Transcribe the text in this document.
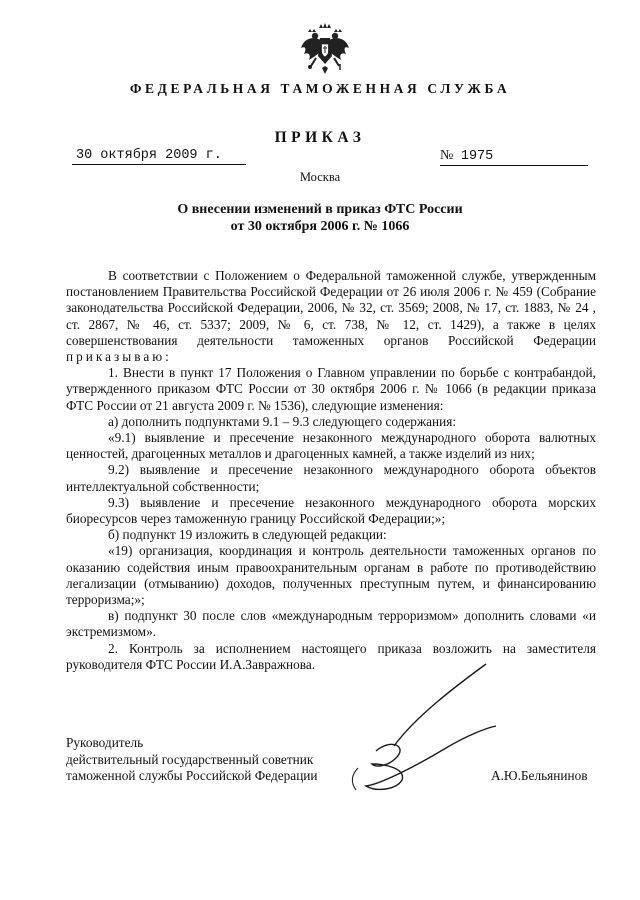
ФЕДЕРАЛЬНАЯ ТАМОЖЕННАЯ СЛУЖБА
ПРИКАЗ
30 октября 2009 г.	№ 1975
Москва
О внесении изменений в приказ ФТС России
от 30 октября 2006 г. № 1066

В соответствии с Положением о Федеральной таможенной службе, утвержденным постановлением Правительства Российской Федерации от 26 июля 2006 г. № 459 (Собрание законодательства Российской Федерации, 2006, № 32, ст. 3569; 2008, № 17, ст. 1883, № 24 , ст. 2867, № 46, ст. 5337; 2009, № 6, ст. 738, № 12, ст. 1429), а также в целях совершенствования деятельности таможенных органов Российской Федерации приказываю:

1. Внести в пункт 17 Положения о Главном управлении по борьбе с контрабандой, утвержденного приказом ФТС России от 30 октября 2006 г. № 1066 (в редакции приказа ФТС России от 21 августа 2009 г. № 1536), следующие изменения:

а) дополнить подпунктами 9.1 – 9.3 следующего содержания:

«9.1) выявление и пресечение незаконного международного оборота валютных ценностей, драгоценных металлов и драгоценных камней, а также изделий из них;

9.2) выявление и пресечение незаконного международного оборота объектов интеллектуальной собственности;

9.3) выявление и пресечение незаконного международного оборота морских биоресурсов через таможенную границу Российской Федерации;»;

б) подпункт 19 изложить в следующей редакции:

«19) организация, координация и контроль деятельности таможенных органов по оказанию содействия иным правоохранительным органам в работе по противодействию легализации (отмыванию) доходов, полученных преступным путем, и финансированию терроризма;»;

в) подпункт 30 после слов «международным терроризмом» дополнить словами «и экстремизмом».

2. Контроль за исполнением настоящего приказа возложить на заместителя руководителя ФТС России И.А.Завражнова.

Руководитель
действительный государственный советник
таможенной службы Российской Федерации	А.Ю.Бельянинов
